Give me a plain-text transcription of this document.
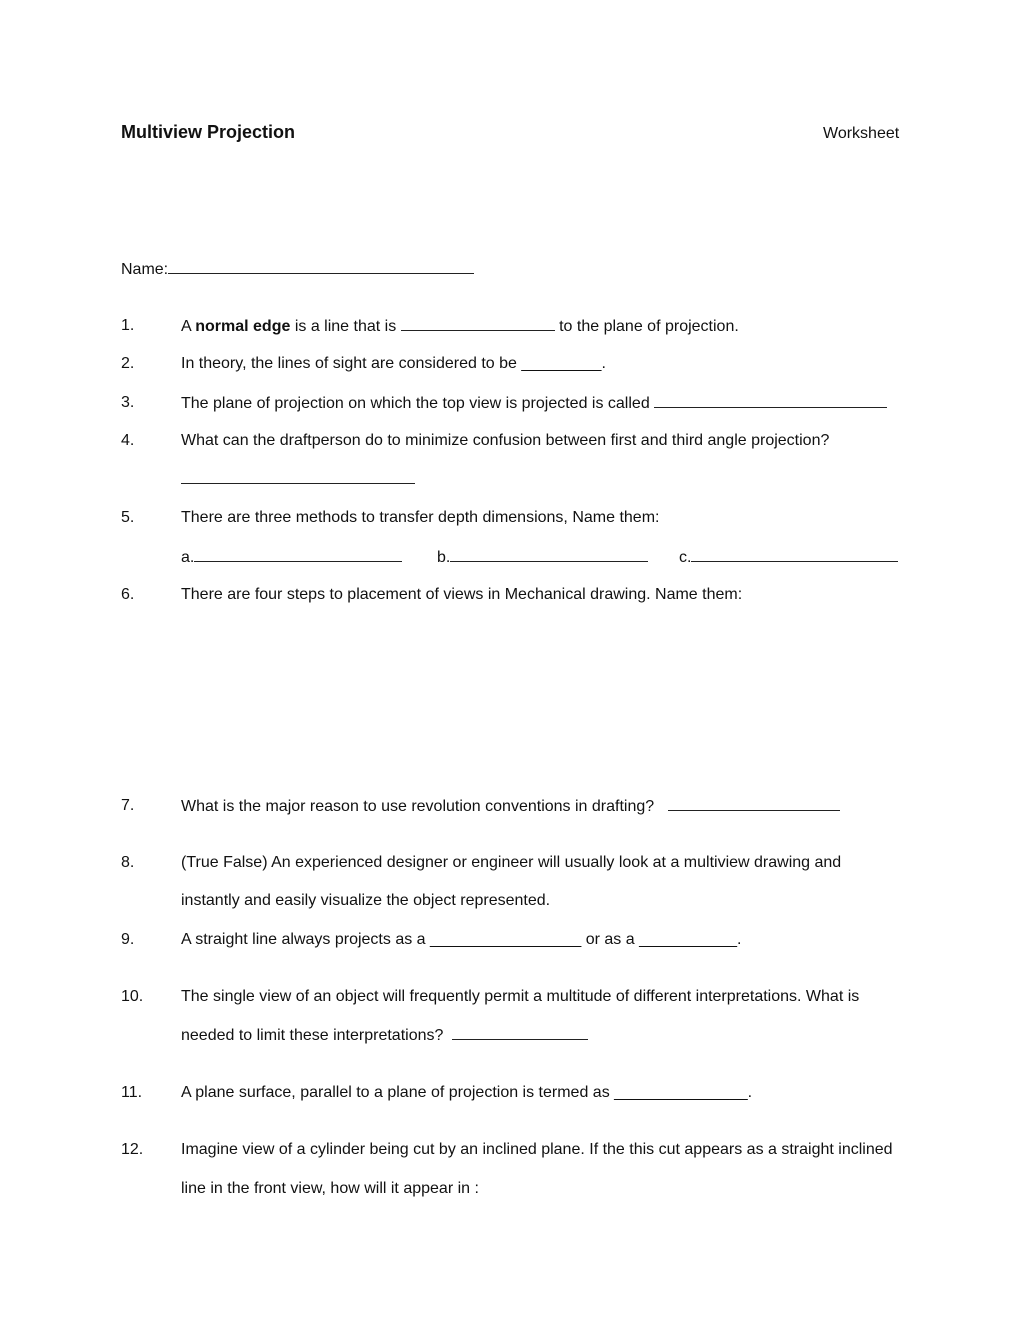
Multiview Projection	Worksheet
Name:
1.	A normal edge is a line that is	to the plane of projection.
2.	In theory, the lines of sight are considered to be _________.
3.	The plane of projection on which the top view is projected is called
4.	What can the draftperson do to minimize confusion between first and third angle projection?
5.	There are three methods to transfer depth dimensions, Name them:
a.	b.	c.
6.	There are four steps to placement of views in Mechanical drawing. Name them:
7.	What is the major reason to use revolution conventions in drafting?
8.	(True False) An experienced designer or engineer will usually look at a multiview drawing and
instantly and easily visualize the object represented.
9.	A straight line always projects as a _________________ or as a ___________.
10. The single view of an object will frequently permit a multitude of different interpretations. What is
needed to limit these interpretations?
11. A plane surface, parallel to a plane of projection is termed as _______________.
12. Imagine view of a cylinder being cut by an inclined plane. If the this cut appears as a straight inclined
line in the front view, how will it appear in :
